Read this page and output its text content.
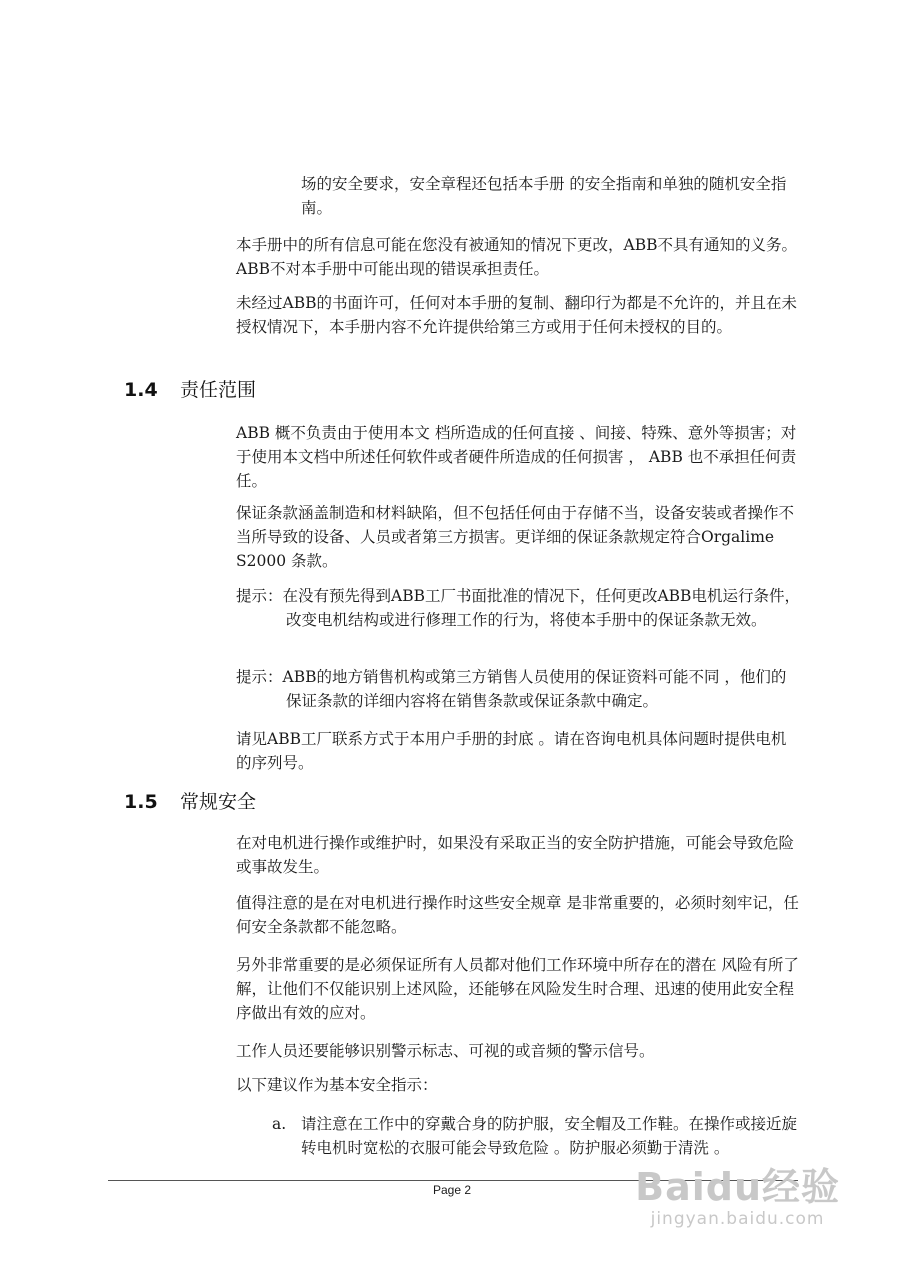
场的安全要求，安全章程还包括本手册 的安全指南和单独的随机安全指南。

本手册中的所有信息可能在您没有被通知的情况下更改，ABB不具有通知的义务。ABB不对本手册中可能出现的错误承担责任。

未经过ABB的书面许可，任何对本手册的复制、翻印行为都是不允许的，并且在未授权情况下，本手册内容不允许提供给第三方或用于任何未授权的目的。

1.4 责任范围

ABB 概不负责由于使用本文 档所造成的任何直接 、间接、特殊、意外等损害；对于使用本文档中所述任何软件或者硬件所造成的任何损害 ， ABB 也不承担任何责任。

保证条款涵盖制造和材料缺陷，但不包括任何由于存储不当，设备安装或者操作不当所导致的设备、人员或者第三方损害。更详细的保证条款规定符合Orgalime S2000 条款。

提示：在没有预先得到ABB工厂书面批准的情况下，任何更改ABB电机运行条件，改变电机结构或进行修理工作的行为，将使本手册中的保证条款无效。

提示：ABB的地方销售机构或第三方销售人员使用的保证资料可能不同 ，他们的保证条款的详细内容将在销售条款或保证条款中确定。

请见ABB工厂联系方式于本用户手册的封底 。请在咨询电机具体问题时提供电机的序列号。

1.5 常规安全

在对电机进行操作或维护时，如果没有采取正当的安全防护措施，可能会导致危险或事故发生。

值得注意的是在对电机进行操作时这些安全规章 是非常重要的，必须时刻牢记，任何安全条款都不能忽略。

另外非常重要的是必须保证所有人员都对他们工作环境中所存在的潜在 风险有所了解，让他们不仅能识别上述风险，还能够在风险发生时合理、迅速的使用此安全程序做出有效的应对。

工作人员还要能够识别警示标志、可视的或音频的警示信号。

以下建议作为基本安全指示：

a. 请注意在工作中的穿戴合身的防护服，安全帽及工作鞋。在操作或接近旋转电机时宽松的衣服可能会导致危险 。防护服必须勤于清洗 。

Page 2	Baidu经验
jingyan.baidu.com
